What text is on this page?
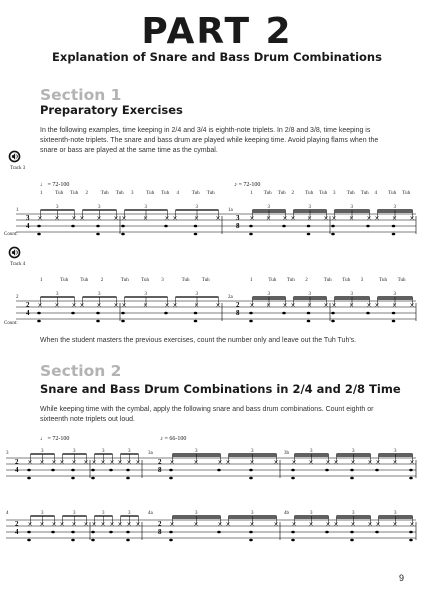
PART 2
Explanation of Snare and Bass Drum Combinations
Section 1
Preparatory Exercises
In the following examples, time keeping in 2/4 and 3/4 is eighth-note triplets. In 2/8 and 3/8, time keeping is sixteenth-note triplets. The snare and bass drum are played while keeping time. Avoid playing flams when the snare or bass are played at the same time as the cymbal.
Track 3
♩ = 72-100	♪ = 72-100
1	Tuh Tuh 2	Tuh Tuh 3	Tuh Tuh 4	Tuh Tuh	1 Tuh Tuh 2 Tuh Tuh 3 Tuh Tuh 4 Tuh Tuh
1	1a
3
4
3
8
× × ×
3
× × ×
3
×	×	×
3
×	×	×
3
× × ×
3
× × ×
3
× × ×
3
× × ×
3
Count:
Track 4
1	Tuh Tuh 2	Tuh Tuh 3	Tuh Tuh	1	Tuh Tuh 2	Tuh Tuh 3	Tuh Tuh
2	2a
2
4
2
8
× × ×
3
× × ×
3
×	×	×
3
×	×	×
3
× × ×
3
× × ×
3
× × ×
3
× × ×
3
Count:
When the student masters the previous exercises, count the number only and leave out the Tuh Tuh's.
Section 2
Snare and Bass Drum Combinations in 2/4 and 2/8 Time
While keeping time with the cymbal, apply the following snare and bass drum combinations. Count eighth or sixteenth note triplets out loud.
♩ = 72-100	♪ = 66-100
3	3a	3b
2
4
2
8
× × ×
3
× × ×
3
× × ×
3
× × ×
3
×	×	×
3
×	×	×
3
× × ×
3
× × ×
3
× × ×
3
4	4a	4b
2
4
2
8
× × ×
3
× × ×
3
× × ×
3
× × ×
3
×	×	×
3
×	×	×
3
× × ×
3
× × ×
3
× × ×
3
9
